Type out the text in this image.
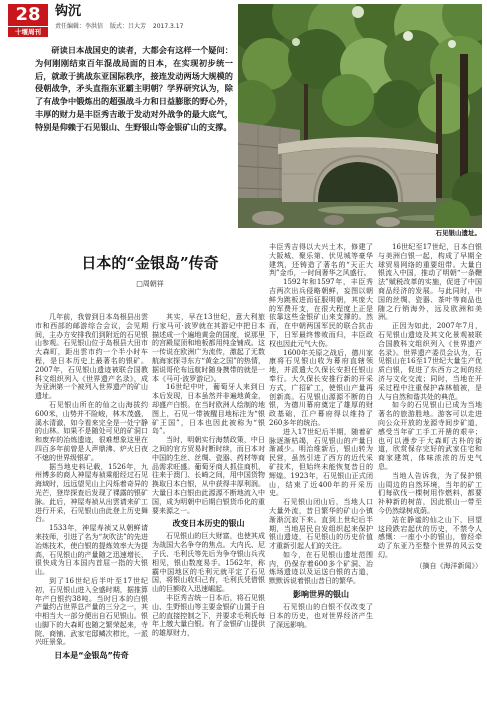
28
十堰周刊
钩沉
责任编辑：李洪信 版式：吕大芳 2017.3.17

研读日本战国史的读者，大都会有这样一个疑问：为何刚刚结束百年混战局面的日本，在实现初步统一后，就敢于挑战东亚国际秩序，接连发动两场大规模的侵朝战争，矛头直指东亚霸主明朝？学界研究认为，除了有战争中锻炼出的超强战斗力和日益膨胀的野心外，丰厚的财力是丰臣秀吉敢于发动对外战争的最大底气，特别是仰赖于石见银山、生野银山等金银矿山的支撑。

石见银山遗址。
日本的“金银岛”传奇
□周朝祥

几年前，我曾到日本岛根县出雲市和西部的邮游综合会议，会见期间，主办方安排我们到附近的石见银山参观。石见银山位于岛根县大田市大森町，距出雲市约一个半小时车程，是日本历史上最著名的银矿。2007年，石见银山遗迹被联合国教科文组织列入《世界遗产名录》，成为亚洲第一个被列入世界遗产的矿山遗址。

石见银山所在的仙之山海拔约600米，山势并不险峻，林木茂盛，溪水清澈，如今看来完全是一处宁静的山林。如果不是随处可见的矿洞口和废弃的冶炼遗迹，很难想象这里在四百多年前曾是人声鼎沸、炉火日夜不熄的世界级银矿。

据当地史料记载，1526年，九州博多的商人神屋寿祯乘船经过石见海域时，远远望见山上闪烁着奇异的光芒，登岸探查后发现了裸露的银矿脉。此后，神屋寿祯从出雲请来矿工进行开采，石见银山由此登上历史舞台。

1533年，神屋寿祯又从朝鲜请来技师，引进了名为“灰吹法”的先进冶炼技术，使白银的提炼效率大为提高，石见银山的产量随之迅速增长，很快成为日本国内首屈一指的大银山。

到了16世纪后半叶至17世纪初，石见银山进入全盛时期，据推算年产白银约38吨。当时日本的白银产量约占世界总产量的三分之一，其中相当大一部分便出自石见银山。银山脚下的大森町也随之繁荣起来，寺院、商铺、武家宅邸鳞次栉比，一派兴旺景象。

日本是“金银岛”传奇

其实，早在13世纪，意大利旅行家马可·波罗就在其游记中把日本描述成一个遍地黄金的国度，说那里的宫殿屋顶和地板都用纯金铺成。这一传说在欧洲广为流传，激起了无数航海家探寻东方“黄金之国”的热情，据说哥伦布远航时随身携带的就是一本《马可·波罗游记》。

16世纪中叶，葡萄牙人来到日本后发现，日本虽然并非遍地黄金，却盛产白银。在当时欧洲人绘制的地图上，石见一带被醒目地标注为“银矿王国”，日本也因此被称为“银岛”。

当时，明朝实行海禁政策，中日之间的官方贸易时断时续，而日本对中国的生丝、丝绸、瓷器、药材等商品需求旺盛。葡萄牙商人抓住商机，往来于澳门、长崎之间，用中国货物换取日本白银，从中获得丰厚利润。大量日本白银由此源源不断地流入中国，成为明朝中后期白银货币化的重要来源之一。

改变日本历史的银山

石见银山的巨大财富，也使其成为战国大名争夺的焦点。大内氏、尼子氏、毛利氏等先后为争夺银山兵戎相见，银山数度易手。1562年，称霸中国地区的毛利元就平定了石见国，将银山收归己有，毛利氏凭借银山的巨额收入迅速崛起。

丰臣秀吉统一日本后，将石见银山、生野银山等主要金银矿山置于自己的直接控制之下，并要求毛利氏每年上缴大量白银。有了金银矿山提供的雄厚财力，

丰臣秀吉得以大兴土木，修建了大阪城、聚乐第、伏见城等豪华建筑，还铸造了著名的“天正大判”金币，一时间奢华之风盛行。

1592年和1597年，丰臣秀吉两次出兵侵略朝鲜，妄图以朝鲜为跳板进而征服明朝，其庞大的军费开支，在很大程度上正是依靠这些金银矿山来支撑的。然而，在中朝两国军民的联合抗击下，日军最终惨败而归，丰臣政权也因此元气大伤。

1600年关原之战后，德川家康将石见银山收为幕府直辖领地，并派遣大久保长安担任银山奉行。大久保长安推行新的开采方式，广招矿工，使银山产量再创新高。石见银山源源不断的白银，为德川幕府奠定了雄厚的财政基础，江户幕府得以维持了260多年的统治。

进入17世纪后半期，随着矿脉逐渐枯竭，石见银山的产量日渐减少。明治维新后，银山转为民营，虽然引进了西方的近代采矿技术，但始终未能恢复昔日的辉煌。1923年，石见银山正式闭山，结束了近400年的开采历史。

石见银山闭山后，当地人口大量外流，昔日繁华的矿山小镇渐渐沉寂下来。直到上世纪后半期，当地居民自发组织起来保护银山遗迹，石见银山的历史价值才重新引起人们的关注。

如今，在石见银山遗址范围内，仍保存着600多个矿洞、冶炼场遗迹以及运送白银的古道，默默诉说着银山昔日的繁华。

影响世界的银山

石见银山的白银不仅改变了日本的历史，也对世界经济产生了深远影响。

16世纪至17世纪，日本白银与美洲白银一起，构成了早期全球贸易网络的重要纽带。大量白银流入中国，推动了明朝“一条鞭法”赋税改革的实施，促进了中国商品经济的发展。与此同时，中国的丝绸、瓷器、茶叶等商品也随之行销海外，远及欧洲和美洲。

正因为如此，2007年7月，石见银山遗迹及其文化景观被联合国教科文组织列入《世界遗产名录》。世界遗产委员会认为，石见银山在16至17世纪大量生产优质白银，促进了东西方之间的经济与文化交流；同时，当地在开采过程中注重保护森林植被，是人与自然和谐共处的典范。

如今的石见银山已成为当地著名的旅游胜地。游客可以走进向公众开放的龙源寺间步矿道，感受当年矿工手工开凿的艰辛；也可以漫步于大森町古朴的街道，欣赏保存完好的武家住宅和商家建筑，体味浓浓的历史气息。

当地人告诉我，为了保护银山周边的自然环境，当年的矿工们每砍伐一棵树用作燃料，都要补种新的树苗，因此银山一带至今仍然绿树成荫。

站在静谧的仙之山下，回望这段跌宕起伏的历史，不禁令人感慨：一座小小的银山，曾经牵动了东亚乃至整个世界的风云变幻。

（摘自《海洋新闻》）
